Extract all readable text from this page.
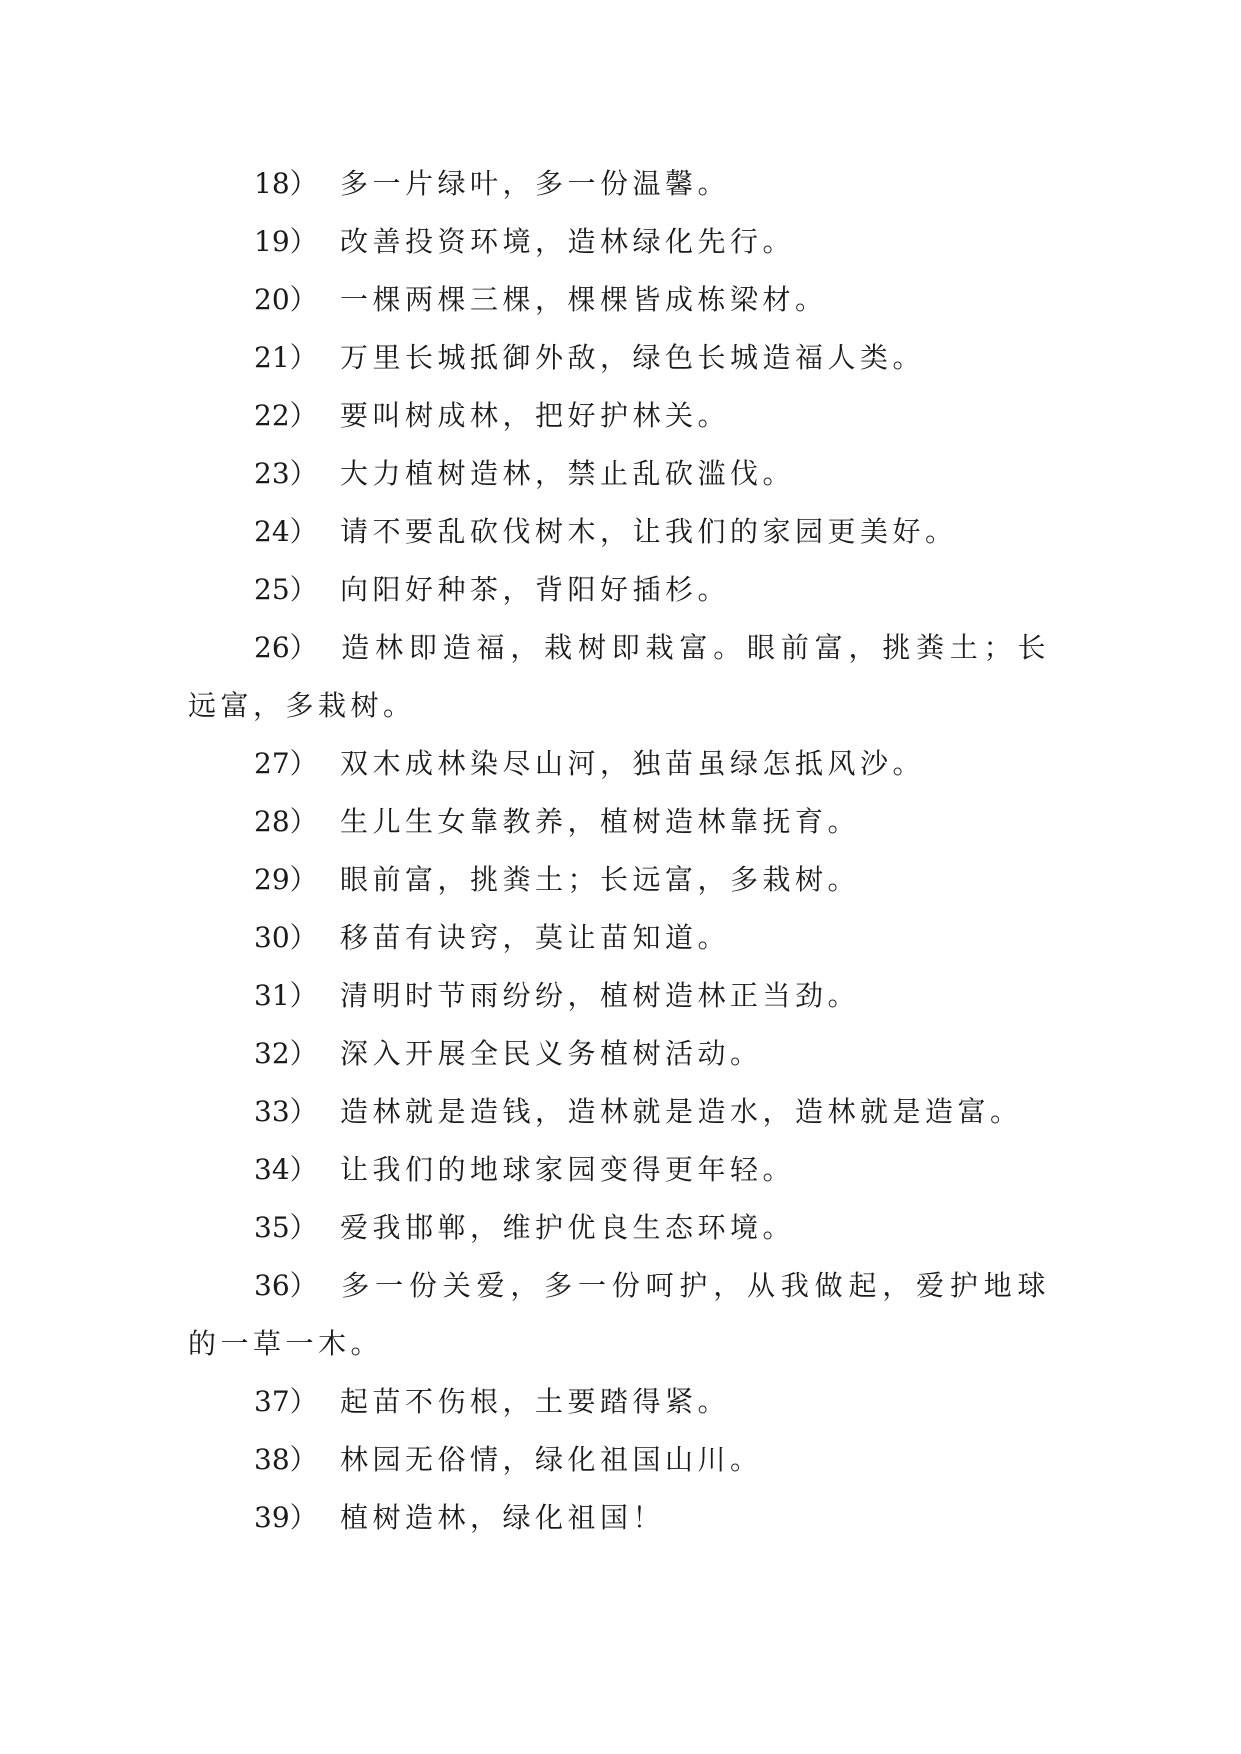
18） 多一片绿叶，多一份温馨。

19） 改善投资环境，造林绿化先行。

20） 一棵两棵三棵，棵棵皆成栋梁材。

21） 万里长城抵御外敌，绿色长城造福人类。

22） 要叫树成林，把好护林关。

23） 大力植树造林，禁止乱砍滥伐。

24） 请不要乱砍伐树木，让我们的家园更美好。

25） 向阳好种茶，背阳好插杉。

26） 造林即造福，栽树即栽富。眼前富，挑粪土；长远富，多栽树。

27） 双木成林染尽山河，独苗虽绿怎抵风沙。

28） 生儿生女靠教养，植树造林靠抚育。

29） 眼前富，挑粪土；长远富，多栽树。

30） 移苗有诀窍，莫让苗知道。

31） 清明时节雨纷纷，植树造林正当劲。

32） 深入开展全民义务植树活动。

33） 造林就是造钱，造林就是造水，造林就是造富。

34） 让我们的地球家园变得更年轻。

35） 爱我邯郸，维护优良生态环境。

36） 多一份关爱，多一份呵护，从我做起，爱护地球的一草一木。

37） 起苗不伤根，土要踏得紧。

38） 林园无俗情，绿化祖国山川。

39） 植树造林，绿化祖国！
